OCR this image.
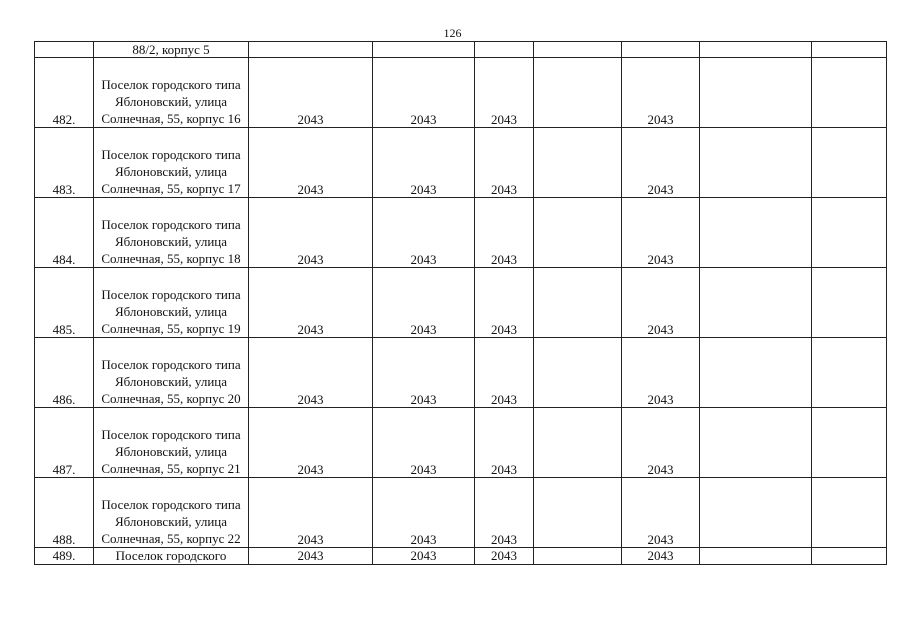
126
	88/2, корпус 5							
482.	Поселок городского типа Яблоновский, улица Солнечная, 55, корпус 16	2043	2043	2043		2043		
483.	Поселок городского типа Яблоновский, улица Солнечная, 55, корпус 17	2043	2043	2043		2043		
484.	Поселок городского типа Яблоновский, улица Солнечная, 55, корпус 18	2043	2043	2043		2043		
485.	Поселок городского типа Яблоновский, улица Солнечная, 55, корпус 19	2043	2043	2043		2043		
486.	Поселок городского типа Яблоновский, улица Солнечная, 55, корпус 20	2043	2043	2043		2043		
487.	Поселок городского типа Яблоновский, улица Солнечная, 55, корпус 21	2043	2043	2043		2043		
488.	Поселок городского типа Яблоновский, улица Солнечная, 55, корпус 22	2043	2043	2043		2043		
489.	Поселок городского	2043	2043	2043		2043		
